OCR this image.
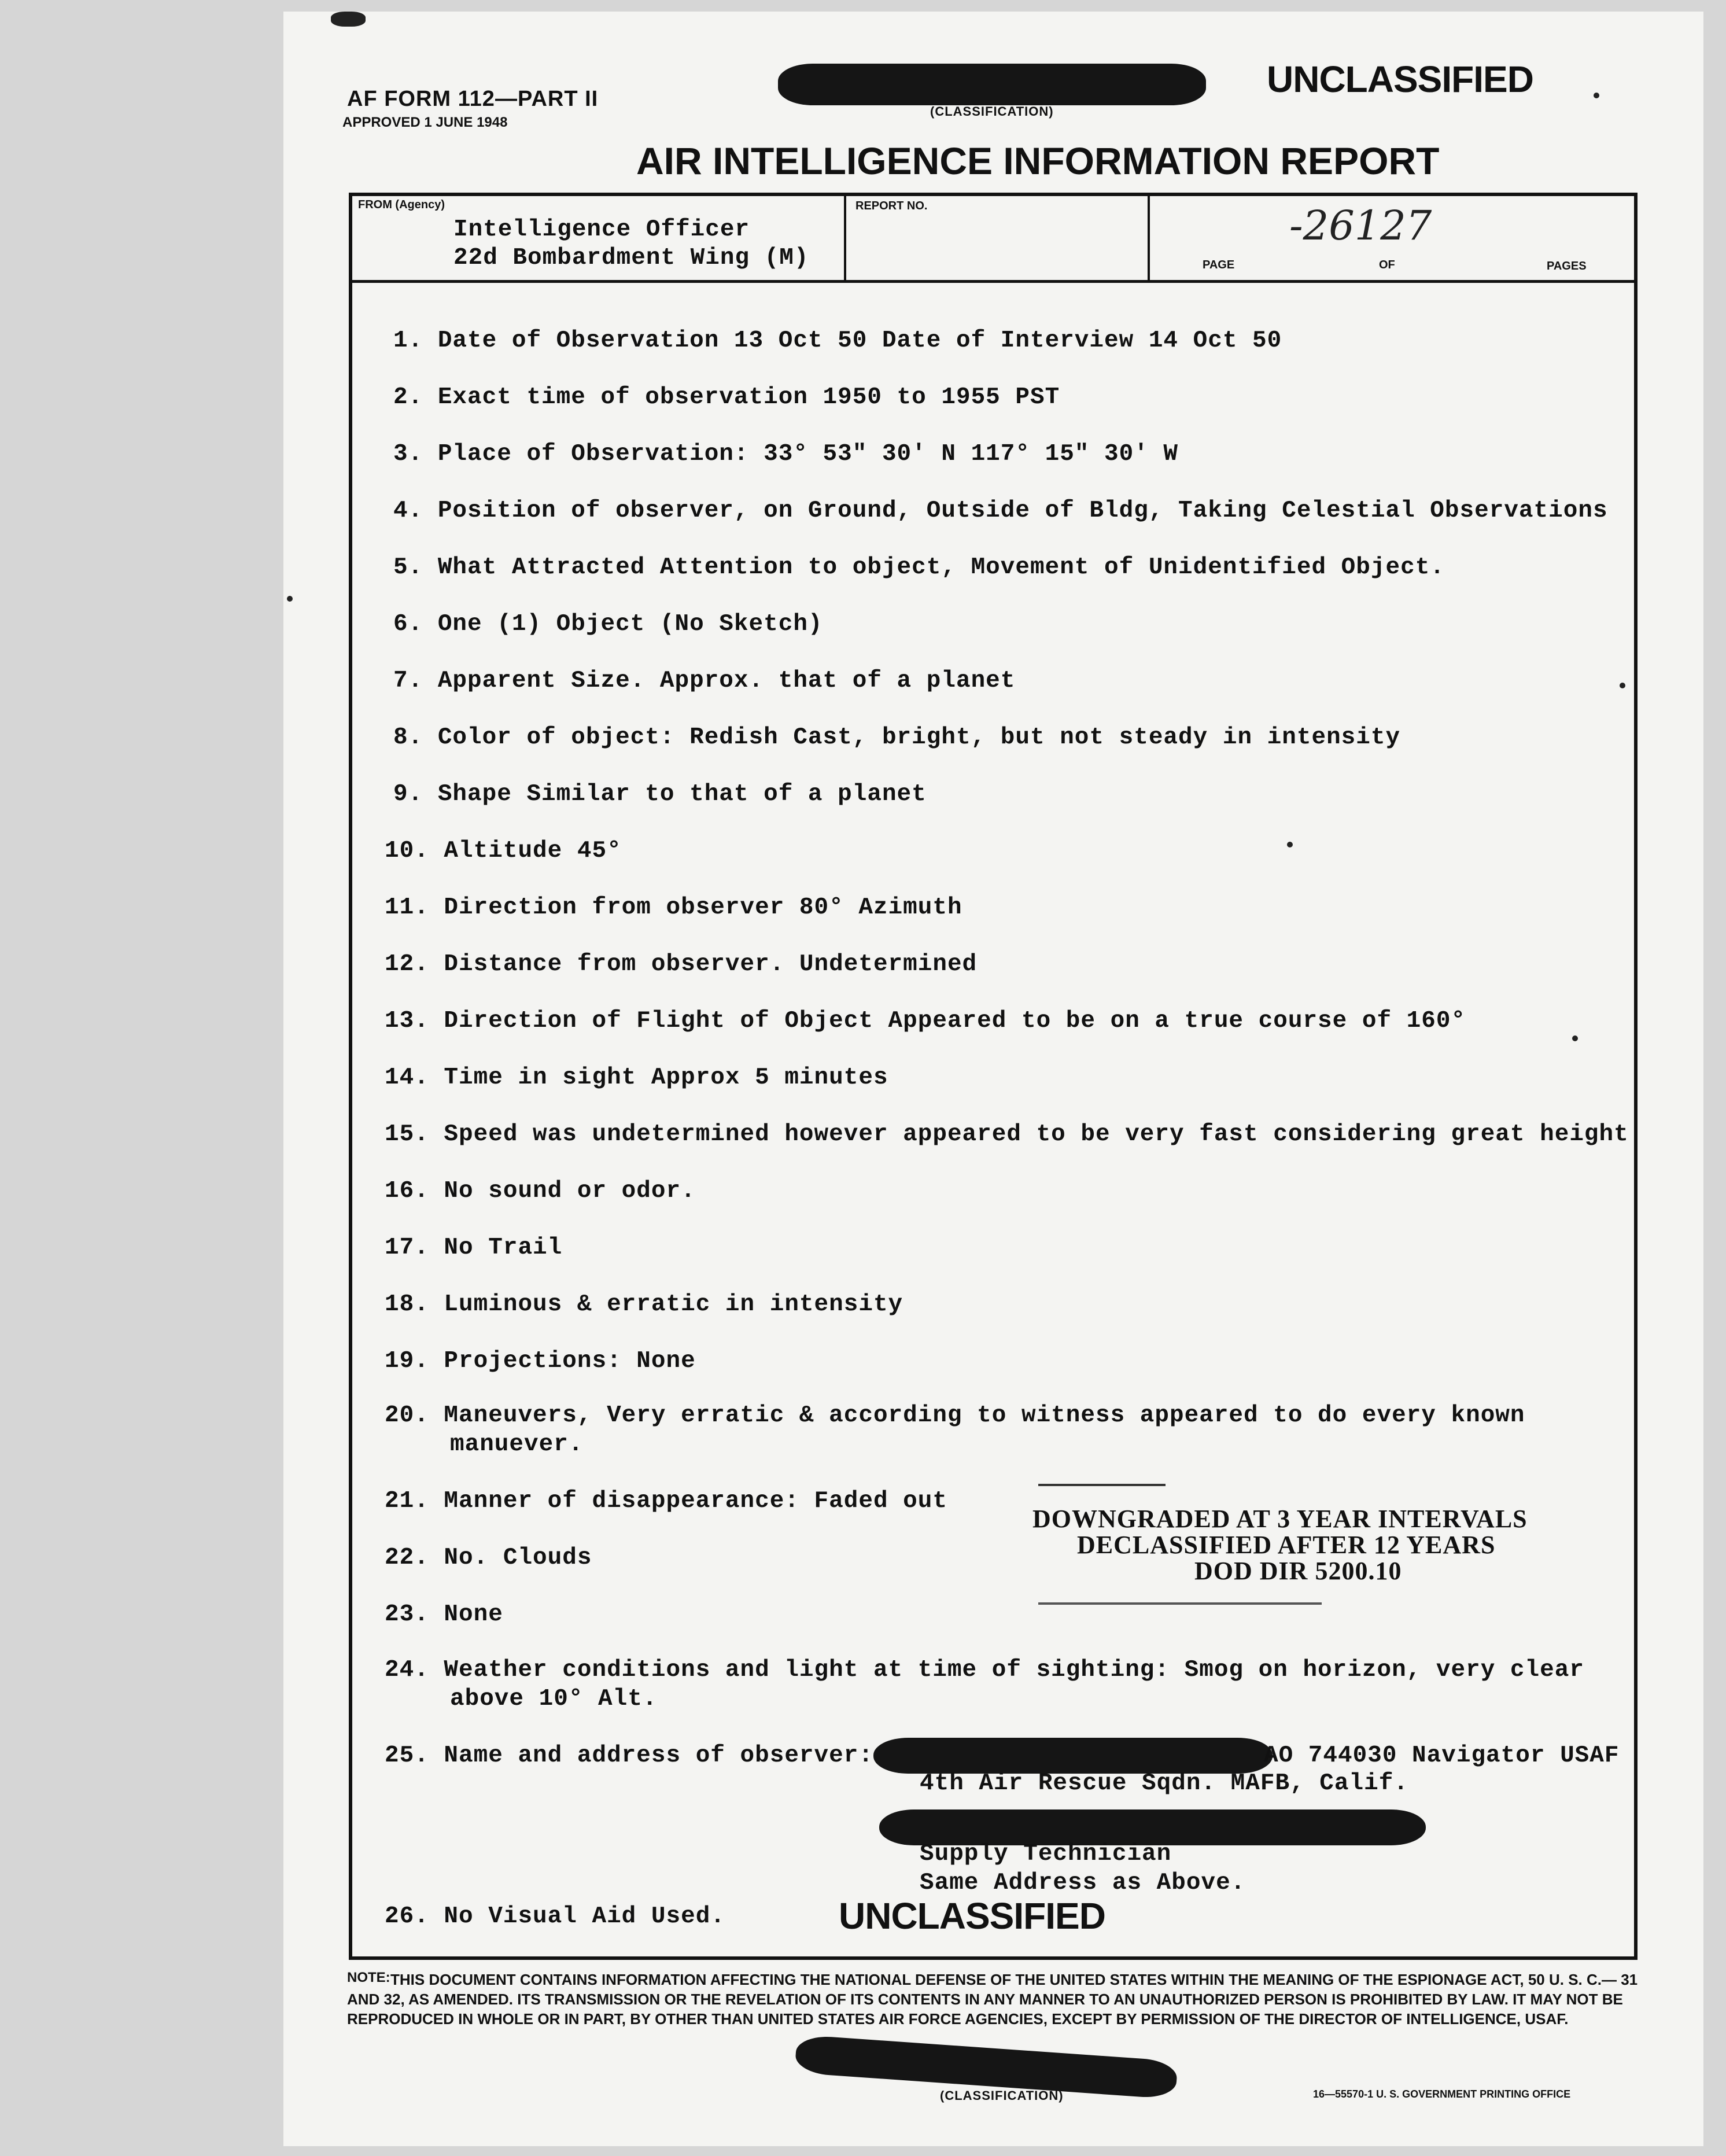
AF FORM 112—PART II
APPROVED 1 JUNE 1948
(CLASSIFICATION)
UNCLASSIFIED
AIR INTELLIGENCE INFORMATION REPORT
FROM (Agency)
Intelligence Officer
22d Bombardment Wing (M)
REPORT NO.
PAGE	OF	PAGES
-26127
1. Date of Observation 13 Oct 50 Date of Interview 14 Oct 50
2. Exact time of observation 1950 to 1955 PST
3. Place of Observation: 33° 53" 30' N 117° 15" 30' W
4. Position of observer, on Ground, Outside of Bldg, Taking Celestial Observations
5. What Attracted Attention to object, Movement of Unidentified Object.
6. One (1) Object (No Sketch)
7. Apparent Size. Approx. that of a planet
8. Color of object: Redish Cast, bright, but not steady in intensity
9. Shape Similar to that of a planet
10. Altitude 45°
11. Direction from observer 80° Azimuth
12. Distance from observer. Undetermined
13. Direction of Flight of Object Appeared to be on a true course of 160°
14. Time in sight Approx 5 minutes
15. Speed was undetermined however appeared to be very fast considering great height
16. No sound or odor.
17. No Trail
18. Luminous & erratic in intensity
19. Projections: None
20. Maneuvers, Very erratic & according to witness appeared to do every known
manuever.
21. Manner of disappearance: Faded out
22. No. Clouds
23. None
24. Weather conditions and light at time of sighting: Smog on horizon, very clear
above 10° Alt.
25. Name and address of observer:	AO 744030 Navigator USAF
4th Air Rescue Sqdn. MAFB, Calif.
Supply Technician
Same Address as Above.
26. No Visual Aid Used.
DOWNGRADED AT 3 YEAR INTERVALS
DECLASSIFIED AFTER 12 YEARS
DOD DIR 5200.10
UNCLASSIFIED
NOTE: THIS DOCUMENT CONTAINS INFORMATION AFFECTING THE NATIONAL DEFENSE OF THE UNITED STATES WITHIN THE MEANING OF THE ESPIONAGE ACT, 50 U. S. C.— 31 AND 32, AS AMENDED. ITS TRANSMISSION OR THE REVELATION OF ITS CONTENTS IN ANY MANNER TO AN UNAUTHORIZED PERSON IS PROHIBITED BY LAW. IT MAY NOT BE REPRODUCED IN WHOLE OR IN PART, BY OTHER THAN UNITED STATES AIR FORCE AGENCIES, EXCEPT BY PERMISSION OF THE DIRECTOR OF INTELLIGENCE, USAF.
(CLASSIFICATION)	16—55570-1 U. S. GOVERNMENT PRINTING OFFICE
